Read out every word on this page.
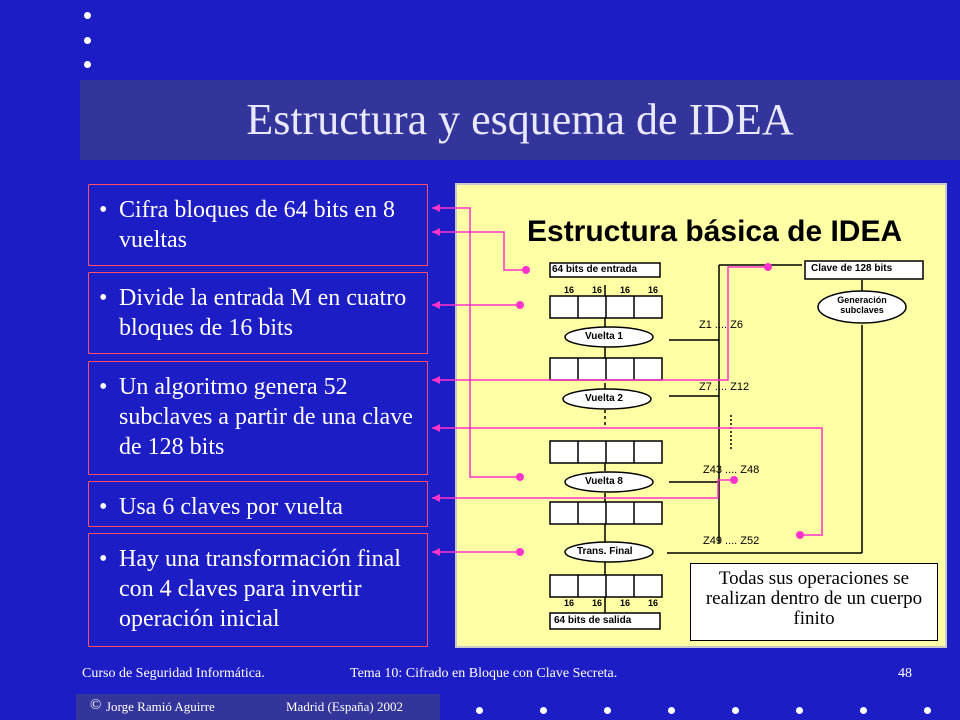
Estructura y esquema de IDEA
• Cifra bloques de 64 bits en 8 vueltas
• Divide la entrada M en cuatro bloques de 16 bits
• Un algoritmo genera 52 subclaves a partir de una clave de 128 bits
• Usa 6 claves por vuelta
• Hay una transformación final con 4 claves para invertir operación inicial
Estructura básica de IDEA
64 bits de entrada
16 16 16 16
Vuelta 1
Vuelta 2
Vuelta 8
Trans. Final
16 16 16 16
64 bits de salida
Clave de 128 bits
Generación subclaves
Z1 .... Z6
Z7 .... Z12
Z43 .... Z48
Z49 .... Z52
Todas sus operaciones se realizan dentro de un cuerpo finito
Curso de Seguridad Informática.	Tema 10: Cifrado en Bloque con Clave Secreta.	48
© Jorge Ramió Aguirre	Madrid (España) 2002
